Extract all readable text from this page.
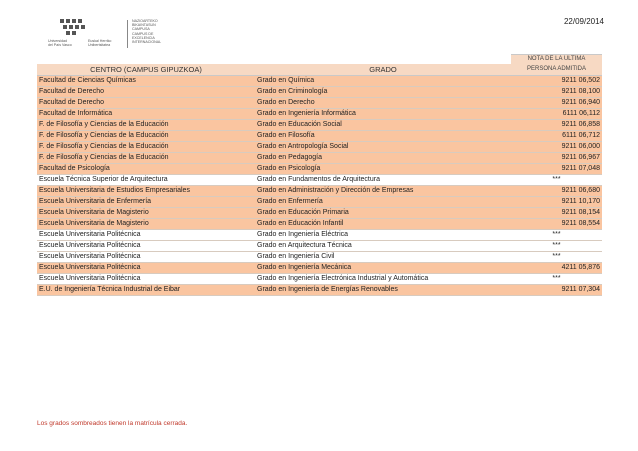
22/09/2014
Universidad
del País Vasco
Euskal Herriko
Unibertsitatea
NAZIOARTEKO
BIKAINTASUN
CAMPUSA
CAMPUS DE
EXCELENCIA
INTERNACIONAL
		NOTA DE LA ULTIMA
CENTRO (CAMPUS GIPUZKOA)	GRADO	PERSONA ADMITIDA
Facultad de Ciencias Químicas	Grado en Química	9211 06,502
Facultad de Derecho	Grado en Criminología	9211 08,100
Facultad de Derecho	Grado en Derecho	9211 06,940
Facultad de Informática	Grado en Ingeniería Informática	6111 06,112
F. de Filosofía y Ciencias de la Educación	Grado en Educación Social	9211 06,858
F. de Filosofía y Ciencias de la Educación	Grado en Filosofía	6111 06,712
F. de Filosofía y Ciencias de la Educación	Grado en Antropología Social	9211 06,000
F. de Filosofía y Ciencias de la Educación	Grado en Pedagogía	9211 06,967
Facultad de Psicología	Grado en Psicología	9211 07,048
Escuela Técnica Superior de Arquitectura	Grado en Fundamentos de Arquitectura	***
Escuela Universitaria de Estudios Empresariales	Grado en Administración y Dirección de Empresas	9211 06,680
Escuela Universitaria de Enfermería	Grado en Enfermería	9211 10,170
Escuela Universitaria de Magisterio	Grado en Educación Primaria	9211 08,154
Escuela Universitaria de Magisterio	Grado en Educación Infantil	9211 08,554
Escuela Universitaria Politécnica	Grado en Ingeniería Eléctrica	***
Escuela Universitaria Politécnica	Grado en Arquitectura Técnica	***
Escuela Universitaria Politécnica	Grado en Ingeniería Civil	***
Escuela Universitaria Politécnica	Grado en Ingeniería Mecánica	4211 05,876
Escuela Universitaria Politécnica	Grado en Ingeniería Electrónica Industrial y Automática	***
E.U. de Ingeniería Técnica Industrial de Eibar	Grado en Ingeniería de Energías Renovables	9211 07,304
Los grados sombreados tienen la matrícula cerrada.
